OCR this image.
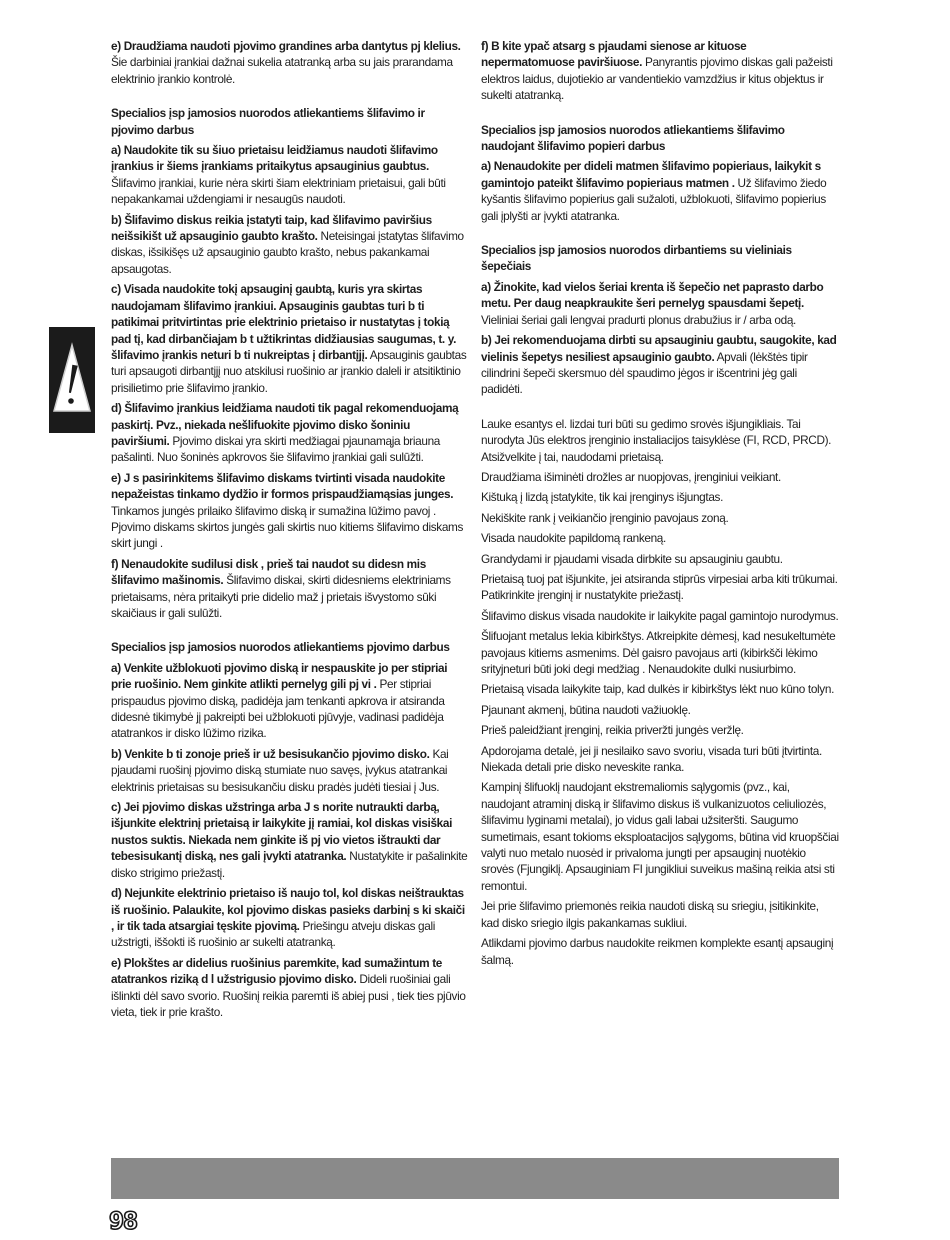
e) Draudžiama naudoti pjovimo grandines arba dantytus pj klelius. Šie darbiniai įrankiai dažnai sukelia atatranką arba su jais prarandama elektrinio įrankio kontrolė.

Specialios įsp jamosios nuorodos atliekantiems šlifavimo ir pjovimo darbus

a) Naudokite tik su šiuo prietaisu leidžiamus naudoti šlifavimo įrankius ir šiems įrankiams pritaikytus apsauginius gaubtus. Šlifavimo įrankiai, kurie nėra skirti šiam elektriniam prietaisui, gali būti nepakankamai uždengiami ir nesaugūs naudoti.

b) Šlifavimo diskus reikia įstatyti taip, kad šlifavimo paviršius neišsikišt už apsauginio gaubto krašto. Neteisingai įstatytas šlifavimo diskas, išsikišęs už apsauginio gaubto krašto, nebus pakankamai apsaugotas.

c) Visada naudokite tokį apsauginį gaubtą, kuris yra skirtas naudojamam šlifavimo įrankiui. Apsauginis gaubtas turi b ti patikimai pritvirtintas prie elektrinio prietaiso ir nustatytas į tokią pad tį, kad dirbančiajam b t užtikrintas didžiausias saugumas, t. y. šlifavimo įrankis neturi b ti nukreiptas į dirbantįjį. Apsauginis gaubtas turi apsaugoti dirbantįjį nuo atskilusi ruošinio ar įrankio daleli ir atsitiktinio prisilietimo prie šlifavimo įrankio.

d) Šlifavimo įrankius leidžiama naudoti tik pagal rekomenduojamą paskirtį. Pvz., niekada nešlifuokite pjovimo disko šoniniu paviršiumi. Pjovimo diskai yra skirti medžiagai pjaunamąja briauna pašalinti. Nuo šoninės apkrovos šie šlifavimo įrankiai gali sulūžti.

e) J s pasirinkitems šlifavimo diskams tvirtinti visada naudokite nepažeistas tinkamo dydžio ir formos prispaudžiamąsias junges. Tinkamos jungės prilaiko šlifavimo diską ir sumažina lūžimo pavoj . Pjovimo diskams skirtos jungės gali skirtis nuo kitiems šlifavimo diskams skirt jungi .

f) Nenaudokite sudilusi disk , prieš tai naudot su didesn mis šlifavimo mašinomis. Šlifavimo diskai, skirti didesniems elektriniams prietaisams, nėra pritaikyti prie didelio maž j prietais išvystomo sūki skaičiaus ir gali sulūžti.

Specialios įsp jamosios nuorodos atliekantiems pjovimo darbus

a) Venkite užblokuoti pjovimo diską ir nespauskite jo per stipriai prie ruošinio. Nem ginkite atlikti pernelyg gili pj vi . Per stipriai prispaudus pjovimo diską, padidėja jam tenkanti apkrova ir atsiranda didesnė tikimybė jį pakreipti bei užblokuoti pjūvyje, vadinasi padidėja atatrankos ir disko lūžimo rizika.

b) Venkite b ti zonoje prieš ir už besisukančio pjovimo disko. Kai pjaudami ruošinį pjovimo diską stumiate nuo savęs, įvykus atatrankai elektrinis prietaisas su besisukančiu disku pradės judėti tiesiai į Jus.

c) Jei pjovimo diskas užstringa arba J s norite nutraukti darbą, išjunkite elektrinį prietaisą ir laikykite jį ramiai, kol diskas visiškai nustos suktis. Niekada nem ginkite iš pj vio vietos ištraukti dar tebesisukantį diską, nes gali įvykti atatranka. Nustatykite ir pašalinkite disko strigimo priežastį.

d) Nejunkite elektrinio prietaiso iš naujo tol, kol diskas neištrauktas iš ruošinio. Palaukite, kol pjovimo diskas pasieks darbinį s ki skaiči , ir tik tada atsargiai tęskite pjovimą. Priešingu atveju diskas gali užstrigti, iššokti iš ruošinio ar sukelti atatranką.

e) Plokštes ar didelius ruošinius paremkite, kad sumažintum te atatrankos riziką d l užstrigusio pjovimo disko. Dideli ruošiniai gali išlinkti dėl savo svorio. Ruošinį reikia paremti iš abiej pusi , tiek ties pjūvio vieta, tiek ir prie krašto.

f) B kite ypač atsarg s pjaudami sienose ar kituose nepermatomuose paviršiuose. Panyrantis pjovimo diskas gali pažeisti elektros laidus, dujotiekio ar vandentiekio vamzdžius ir kitus objektus ir sukelti atatranką.

Specialios įsp jamosios nuorodos atliekantiems šlifavimo naudojant šlifavimo popieri darbus

a) Nenaudokite per dideli matmen šlifavimo popieriaus, laikykit s gamintojo pateikt šlifavimo popieriaus matmen . Už šlifavimo žiedo kyšantis šlifavimo popierius gali sužaloti, užblokuoti, šlifavimo popierius gali įplyšti ar įvykti atatranka.

Specialios įsp jamosios nuorodos dirbantiems su vieliniais šepečiais

a) Žinokite, kad vielos šeriai krenta iš šepečio net paprasto darbo metu. Per daug neapkraukite šeri pernelyg spausdami šepetį. Vieliniai šeriai gali lengvai pradurti plonus drabužius ir / arba odą.

b) Jei rekomenduojama dirbti su apsauginiu gaubtu, saugokite, kad vielinis šepetys nesiliest apsauginio gaubto. Apvali (lėkštės tipir cilindrini šepeči skersmuo dėl spaudimo jėgos ir išcentrini jėg gali padidėti.

Lauke esantys el. lizdai turi būti su gedimo srovės išjungikliais. Tai nurodyta Jūs elektros įrenginio instaliacijos taisyklėse (FI, RCD, PRCD). Atsižvelkite į tai, naudodami prietaisą.

Draudžiama išiminėti drožles ar nuopjovas, įrenginiui veikiant.

Kištuką į lizdą įstatykite, tik kai įrenginys išjungtas.

Nekiškite rank į veikiančio įrenginio pavojaus zoną.

Visada naudokite papildomą rankeną.

Grandydami ir pjaudami visada dirbkite su apsauginiu gaubtu.

Prietaisą tuoj pat išjunkite, jei atsiranda stiprūs virpesiai arba kiti trūkumai. Patikrinkite įrenginį ir nustatykite priežastį.

Šlifavimo diskus visada naudokite ir laikykite pagal gamintojo nurodymus.

Šlifuojant metalus lekia kibirkštys. Atkreipkite dėmesį, kad nesukeltumėte pavojaus kitiems asmenims. Dėl gaisro pavojaus arti (kibirkšči lėkimo srityjneturi būti joki degi medžiag . Nenaudokite dulki nusiurbimo.

Prietaisą visada laikykite taip, kad dulkės ir kibirkštys lėkt nuo kūno tolyn.

Pjaunant akmenį, būtina naudoti važiuoklę.

Prieš paleidžiant įrenginį, reikia priveržti jungės veržlę.

Apdorojama detalė, jei ji nesilaiko savo svoriu, visada turi būti įtvirtinta. Niekada detali prie disko neveskite ranka.

Kampinį šlifuoklį naudojant ekstremaliomis sąlygomis (pvz., kai, naudojant atraminį diską ir šlifavimo diskus iš vulkanizuotos celiuliozės, šlifavimu lyginami metalai), jo vidus gali labai užsiteršti. Saugumo sumetimais, esant tokioms eksploatacijos sąlygoms, būtina vid kruopščiai valyti nuo metalo nuosėd ir privaloma jungti per apsauginį nuotėkio srovės (Fjungiklį. Apsauginiam FI jungikliui suveikus mašiną reikia atsi sti remontui.

Jei prie šlifavimo priemonės reikia naudoti diską su sriegiu, įsitikinkite, kad disko sriegio ilgis pakankamas sukliui.

Atlikdami pjovimo darbus naudokite reikmen komplekte esantį apsauginį šalmą.

98
